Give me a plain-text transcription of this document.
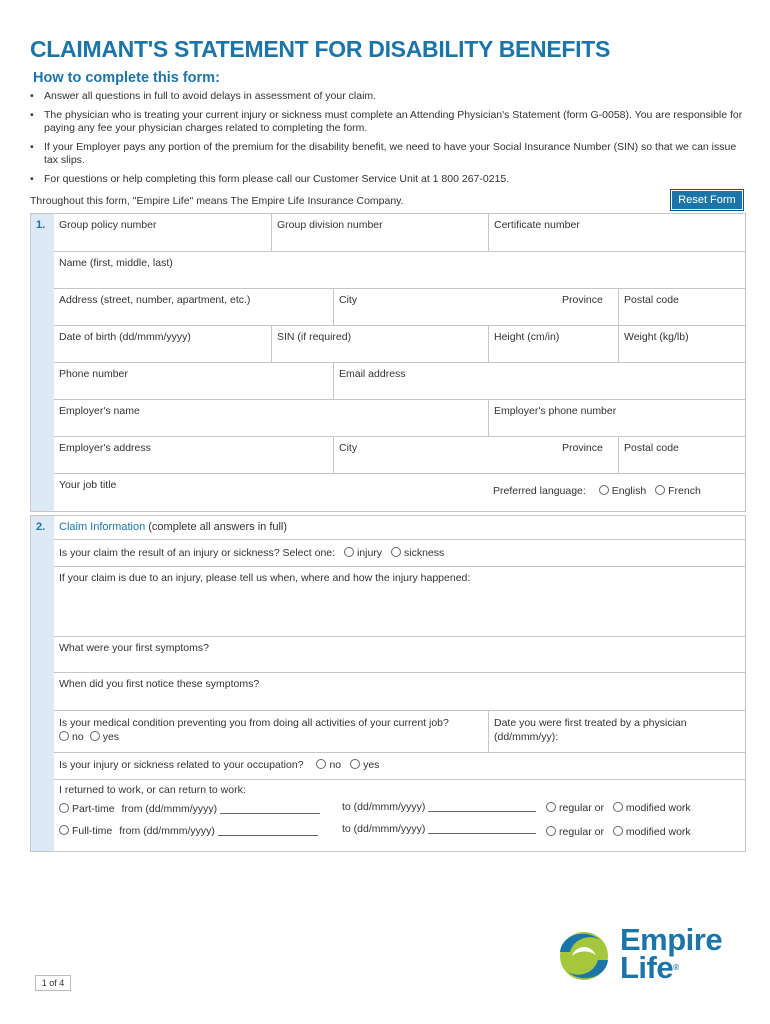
CLAIMANT'S STATEMENT FOR DISABILITY BENEFITS
How to complete this form:
• Answer all questions in full to avoid delays in assessment of your claim.
• The physician who is treating your current injury or sickness must complete an Attending Physician's Statement (form G-0058). You are responsible for paying any fee your physician charges related to completing the form.
• If your Employer pays any portion of the premium for the disability benefit, we need to have your Social Insurance Number (SIN) so that we can issue tax slips.
• For questions or help completing this form please call our Customer Service Unit at 1 800 267-0215.
Throughout this form, "Empire Life" means The Empire Life Insurance Company.	Reset Form
1.	Group policy number	Group division number	Certificate number
Name (first, middle, last)
Address (street, number, apartment, etc.)	City	Province	Postal code
Date of birth (dd/mmm/yyyy)	SIN (if required)	Height (cm/in)	Weight (kg/lb)
Phone number	Email address
Employer's name	Employer's phone number
Employer's address	City	Province	Postal code
Your job title	Preferred language: English French
2.	Claim Information (complete all answers in full)
Is your claim the result of an injury or sickness? Select one: injury sickness
If your claim is due to an injury, please tell us when, where and how the injury happened:
What were your first symptoms?
When did you first notice these symptoms?
Is your medical condition preventing you from doing all activities of your current job?
no yes
Date you were first treated by a physician (dd/mmm/yy):
Is your injury or sickness related to your occupation? no yes
I returned to work, or can return to work:
Part-time from (dd/mmm/yyyy)	to (dd/mmm/yyyy)	regular or modified work
Full-time from (dd/mmm/yyyy)	to (dd/mmm/yyyy)	regular or modified work
1 of 4
Empire
Life®
